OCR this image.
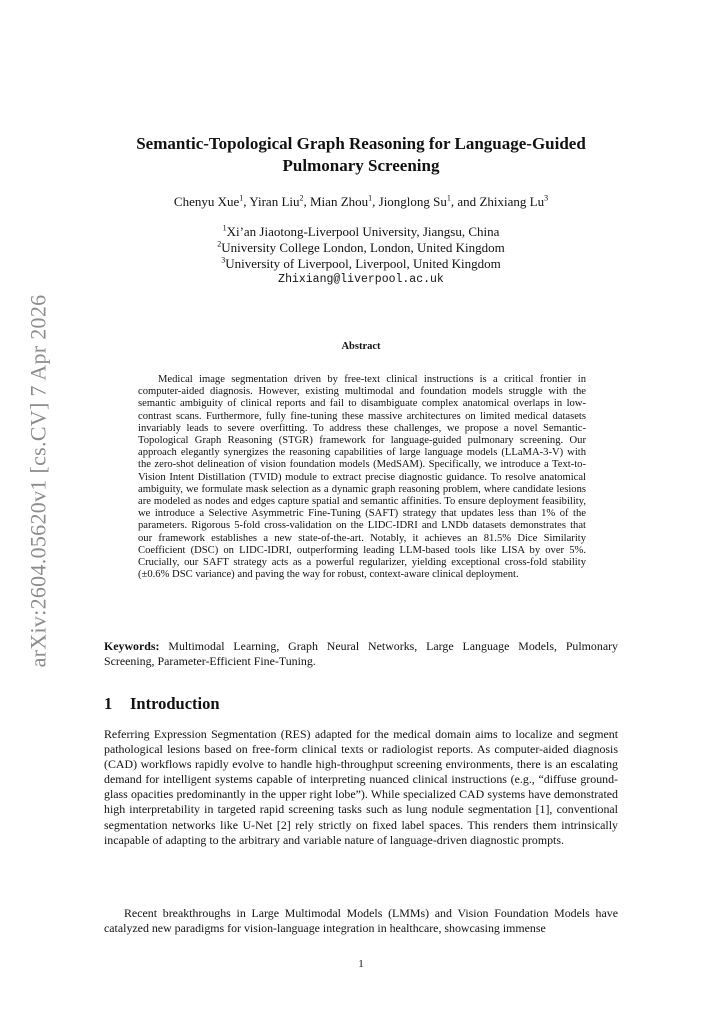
arXiv:2604.05620v1 [cs.CV] 7 Apr 2026
Semantic-Topological Graph Reasoning for Language-Guided Pulmonary Screening
Chenyu Xue$^1$, Yiran Liu$^2$, Mian Zhou$^1$, Jionglong Su$^1$, and Zhixiang Lu$^3$
$^1$Xi’an Jiaotong-Liverpool University, Jiangsu, China
$^2$University College London, London, United Kingdom
$^3$University of Liverpool, Liverpool, United Kingdom
Zhixiang@liverpool.ac.uk
Abstract

Medical image segmentation driven by free-text clinical instructions is a critical frontier in computer-aided diagnosis. However, existing multimodal and foundation models struggle with the semantic ambiguity of clinical reports and fail to disambiguate complex anatomical overlaps in low-contrast scans. Furthermore, fully fine-tuning these massive architectures on limited medical datasets invariably leads to severe overfitting. To address these challenges, we propose a novel Semantic-Topological Graph Reasoning (STGR) framework for language-guided pulmonary screening. Our approach elegantly synergizes the reasoning capabilities of large language models (LLaMA-3-V) with the zero-shot delineation of vision foundation models (MedSAM). Specifically, we introduce a Text-to-Vision Intent Distillation (TVID) module to extract precise diagnostic guidance. To resolve anatomical ambiguity, we formulate mask selection as a dynamic graph reasoning problem, where candidate lesions are modeled as nodes and edges capture spatial and semantic affinities. To ensure deployment feasibility, we introduce a Selective Asymmetric Fine-Tuning (SAFT) strategy that updates less than 1% of the parameters. Rigorous 5-fold cross-validation on the LIDC-IDRI and LNDb datasets demonstrates that our framework establishes a new state-of-the-art. Notably, it achieves an 81.5% Dice Similarity Coefficient (DSC) on LIDC-IDRI, outperforming leading LLM-based tools like LISA by over 5%. Crucially, our SAFT strategy acts as a powerful regularizer, yielding exceptional cross-fold stability (±0.6% DSC variance) and paving the way for robust, context-aware clinical deployment.

Keywords: Multimodal Learning, Graph Neural Networks, Large Language Models, Pulmonary Screening, Parameter-Efficient Fine-Tuning.

1 Introduction

Referring Expression Segmentation (RES) adapted for the medical domain aims to localize and segment pathological lesions based on free-form clinical texts or radiologist reports. As computer-aided diagnosis (CAD) workflows rapidly evolve to handle high-throughput screening environments, there is an escalating demand for intelligent systems capable of interpreting nuanced clinical instructions (e.g., “diffuse ground-glass opacities predominantly in the upper right lobe”). While specialized CAD systems have demonstrated high interpretability in targeted rapid screening tasks such as lung nodule segmentation [1], conventional segmentation networks like U-Net [2] rely strictly on fixed label spaces. This renders them intrinsically incapable of adapting to the arbitrary and variable nature of language-driven diagnostic prompts.

Recent breakthroughs in Large Multimodal Models (LMMs) and Vision Foundation Models have catalyzed new paradigms for vision-language integration in healthcare, showcasing immense

1
